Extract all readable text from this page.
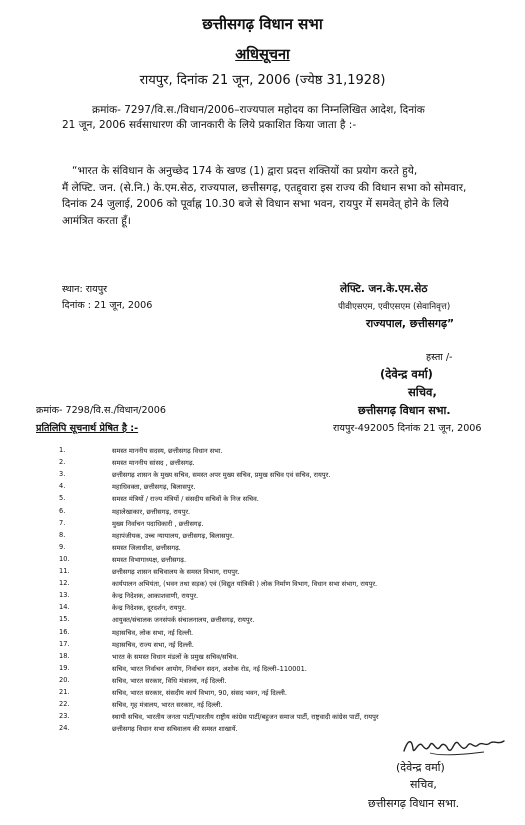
छत्तीसगढ़ विधान सभा
अधिसूचना
रायपुर, दिनांक 21 जून, 2006 (ज्येष्ठ 31,1928)
क्रमांक- 7297/वि.स./विधान/2006–राज्यपाल महोदय का निम्नलिखित आदेश, दिनांक
21 जून, 2006 सर्वसाधारण की जानकारी के लिये प्रकाशित किया जाता है :-
“भारत के संविधान के अनुच्छेद 174 के खण्ड (1) द्वारा प्रदत्त शक्तियों का प्रयोग करते हुये,
मैं लेफ्टि. जन. (से.नि.) के.एम.सेठ, राज्यपाल, छत्तीसगढ़, एतद्द्वारा इस राज्य की विधान सभा को सोमवार,
दिनांक 24 जुलाई, 2006 को पूर्वाह्न 10.30 बजे से विधान सभा भवन, रायपुर में समवेत् होने के लिये
आमंत्रित करता हूँ।
स्थान: रायपुर
दिनांक : 21 जून, 2006
लेफ्टि. जन.के.एम.सेठ
पीवीएसएम, एवीएसएम (सेवानिवृत्त)
राज्यपाल, छत्तीसगढ़”
हस्ता /-
(देवेन्द्र वर्मा)
सचिव,
छत्तीसगढ़ विधान सभा.
क्रमांक- 7298/वि.स./विधान/2006
रायपुर-492005 दिनांक 21 जून, 2006
प्रतिलिपि सूचनार्थ प्रेषित है :-
1.	समस्त माननीय सदस्य, छत्तीसगढ़ विधान सभा.
2.	समस्त माननीय सांसद , छत्तीसगढ़.
3.	छत्तीसगढ़ शासन के मुख्य सचिव, समस्त अपर मुख्य सचिव, प्रमुख सचिव एवं सचिव, रायपुर.
4.	महाधिवक्ता, छत्तीसगढ़, बिलासपुर.
5.	समस्त मंत्रियों / राज्य मंत्रियों / संसदीय सचिवों के निज सचिव.
6.	महालेखाकार, छत्तीसगढ़, रायपुर.
7.	मुख्य निर्वाचन पदाधिकारी , छत्तीसगढ़.
8.	महापंजीयक, उच्च न्यायालय, छत्तीसगढ़, बिलासपुर.
9.	समस्त जिलाधीश, छत्तीसगढ़.
10.	समस्त विभागाध्यक्ष, छत्तीसगढ़.
11.	छत्तीसगढ़ शासन सचिवालय के समस्त विभाग, रायपुर.
12.	कार्यपालन अभियंता, (भवन तथा सड़क) एवं (विद्युत यांत्रिकी ) लोक निर्माण विभाग, विधान सभा संभाग, रायपुर.
13.	केन्द्र निदेशक, आकाशवाणी, रायपुर.
14.	केन्द्र निदेशक, दूरदर्शन, रायपुर.
15.	आयुक्त/संचालक जनसंपर्क संचालनालय, छत्तीसगढ़, रायपुर.
16.	महासचिव, लोक सभा, नई दिल्ली.
17.	महासचिव, राज्य सभा, नई दिल्ली.
18.	भारत के समस्त विधान मंडलों के प्रमुख सचिव/सचिव.
19.	सचिव, भारत निर्वाचन आयोग, निर्वाचन सदन, अशोक रोड, नई दिल्ली–110001.
20.	सचिव, भारत सरकार, विधि मंत्रालय, नई दिल्ली.
21.	सचिव, भारत सरकार, संसदीय कार्य विभाग, 90, संसद भवन, नई दिल्ली.
22.	सचिव, गृह मंत्रालय, भारत सरकार, नई दिल्ली.
23.	स्थायी सचिव, भारतीय जनता पार्टी/भारतीय राष्ट्रीय कांग्रेस पार्टी/बहुजन समाज पार्टी, राष्ट्रवादी कांग्रेस पार्टी, रायपुर
24.	छत्तीसगढ़ विधान सभा सचिवालय की समस्त शाखायें.
(देवेन्द्र वर्मा)
सचिव,
छत्तीसगढ़ विधान सभा.
